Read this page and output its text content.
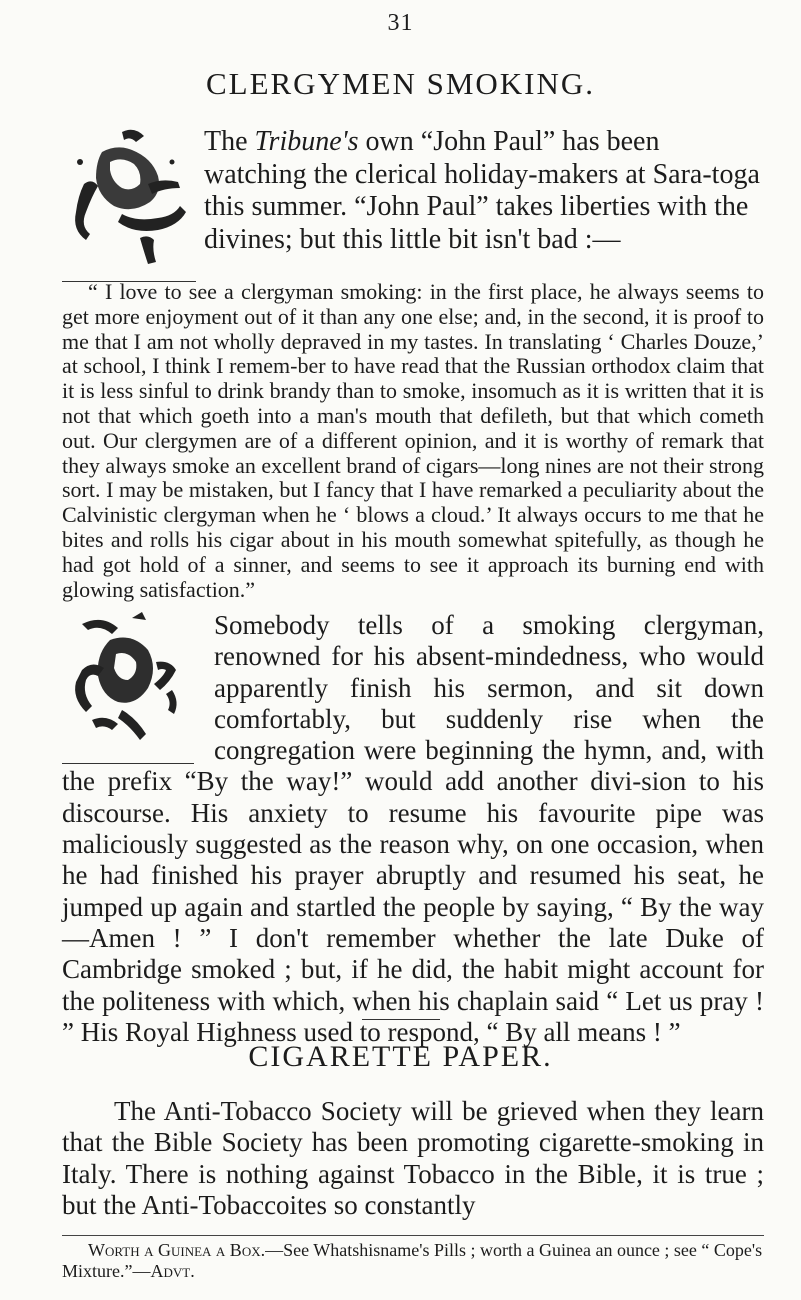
31
CLERGYMEN SMOKING.
The Tribune's own “John Paul” has been watching the clerical holiday-makers at Sara-toga this summer. “John Paul” takes liberties with the divines; but this little bit isn't bad :—
“ I love to see a clergyman smoking: in the first place, he always seems to get more enjoyment out of it than any one else; and, in the second, it is proof to me that I am not wholly depraved in my tastes. In translating ‘ Charles Douze,’ at school, I think I remem-ber to have read that the Russian orthodox claim that it is less sinful to drink brandy than to smoke, insomuch as it is written that it is not that which goeth into a man's mouth that defileth, but that which cometh out. Our clergymen are of a different opinion, and it is worthy of remark that they always smoke an excellent brand of cigars—long nines are not their strong sort. I may be mistaken, but I fancy that I have remarked a peculiarity about the Calvinistic clergyman when he ‘ blows a cloud.’ It always occurs to me that he bites and rolls his cigar about in his mouth somewhat spitefully, as though he had got hold of a sinner, and seems to see it approach its burning end with glowing satisfaction.”

Somebody tells of a smoking clergyman, renowned for his absent-mindedness, who would apparently finish his sermon, and sit down comfortably, but suddenly rise when the congregation were beginning the hymn, and, with the prefix “By the way!” would add another divi-sion to his discourse. His anxiety to resume his favourite pipe was maliciously suggested as the reason why, on one occasion, when he had finished his prayer abruptly and resumed his seat, he jumped up again and startled the people by saying, “ By the way—Amen ! ” I don't remember whether the late Duke of Cambridge smoked ; but, if he did, the habit might account for the politeness with which, when his chaplain said “ Let us pray ! ” His Royal Highness used to respond, “ By all means ! ”

CIGARETTE PAPER.
The Anti-Tobacco Society will be grieved when they learn that the Bible Society has been promoting cigarette-smoking in Italy. There is nothing against Tobacco in the Bible, it is true ; but the Anti-Tobaccoites so constantly
Worth a Guinea a Box.—See Whatshisname's Pills ; worth a Guinea an ounce ; see “ Cope's Mixture.”—Advt.
